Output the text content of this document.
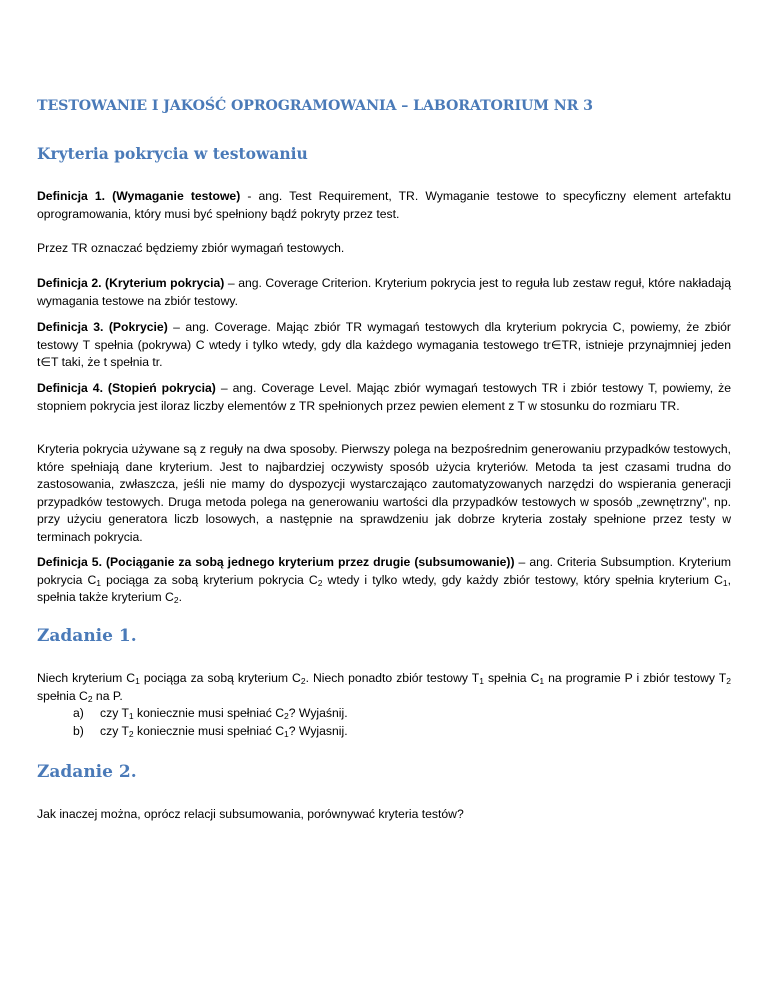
TESTOWANIE I JAKOŚĆ OPROGRAMOWANIA – LABORATORIUM NR 3
Kryteria pokrycia w testowaniu

Definicja 1. (Wymaganie testowe) - ang. Test Requirement, TR. Wymaganie testowe to specyficzny element artefaktu oprogramowania, który musi być spełniony bądź pokryty przez test.

Przez TR oznaczać będziemy zbiór wymagań testowych.

Definicja 2. (Kryterium pokrycia) – ang. Coverage Criterion. Kryterium pokrycia jest to reguła lub zestaw reguł, które nakładają wymagania testowe na zbiór testowy.

Definicja 3. (Pokrycie) – ang. Coverage. Mając zbiór TR wymagań testowych dla kryterium pokrycia C, powiemy, że zbiór testowy T spełnia (pokrywa) C wtedy i tylko wtedy, gdy dla każdego wymagania testowego tr∈TR, istnieje przynajmniej jeden t∈T taki, że t spełnia tr.

Definicja 4. (Stopień pokrycia) – ang. Coverage Level. Mając zbiór wymagań testowych TR i zbiór testowy T, powiemy, że stopniem pokrycia jest iloraz liczby elementów z TR spełnionych przez pewien element z T w stosunku do rozmiaru TR.

Kryteria pokrycia używane są z reguły na dwa sposoby. Pierwszy polega na bezpośrednim generowaniu przypadków testowych, które spełniają dane kryterium. Jest to najbardziej oczywisty sposób użycia kryteriów. Metoda ta jest czasami trudna do zastosowania, zwłaszcza, jeśli nie mamy do dyspozycji wystarczająco zautomatyzowanych narzędzi do wspierania generacji przypadków testowych. Druga metoda polega na generowaniu wartości dla przypadków testowych w sposób „zewnętrzny”, np. przy użyciu generatora liczb losowych, a następnie na sprawdzeniu jak dobrze kryteria zostały spełnione przez testy w terminach pokrycia.

Definicja 5. (Pociąganie za sobą jednego kryterium przez drugie (subsumowanie)) – ang. Criteria Subsumption. Kryterium pokrycia $C_1$ pociąga za sobą kryterium pokrycia $C_2$ wtedy i tylko wtedy, gdy każdy zbiór testowy, który spełnia kryterium $C_1$, spełnia także kryterium $C_2$.

Zadanie 1.

Niech kryterium $C_1$ pociąga za sobą kryterium $C_2$. Niech ponadto zbiór testowy $T_1$ spełnia $C_1$ na programie P i zbiór testowy $T_2$ spełnia $C_2$ na P.

a) czy $T_1$ koniecznie musi spełniać $C_2$? Wyjaśnij.
b) czy $T_2$ koniecznie musi spełniać $C_1$? Wyjasnij.
Zadanie 2.

Jak inaczej można, oprócz relacji subsumowania, porównywać kryteria testów?
